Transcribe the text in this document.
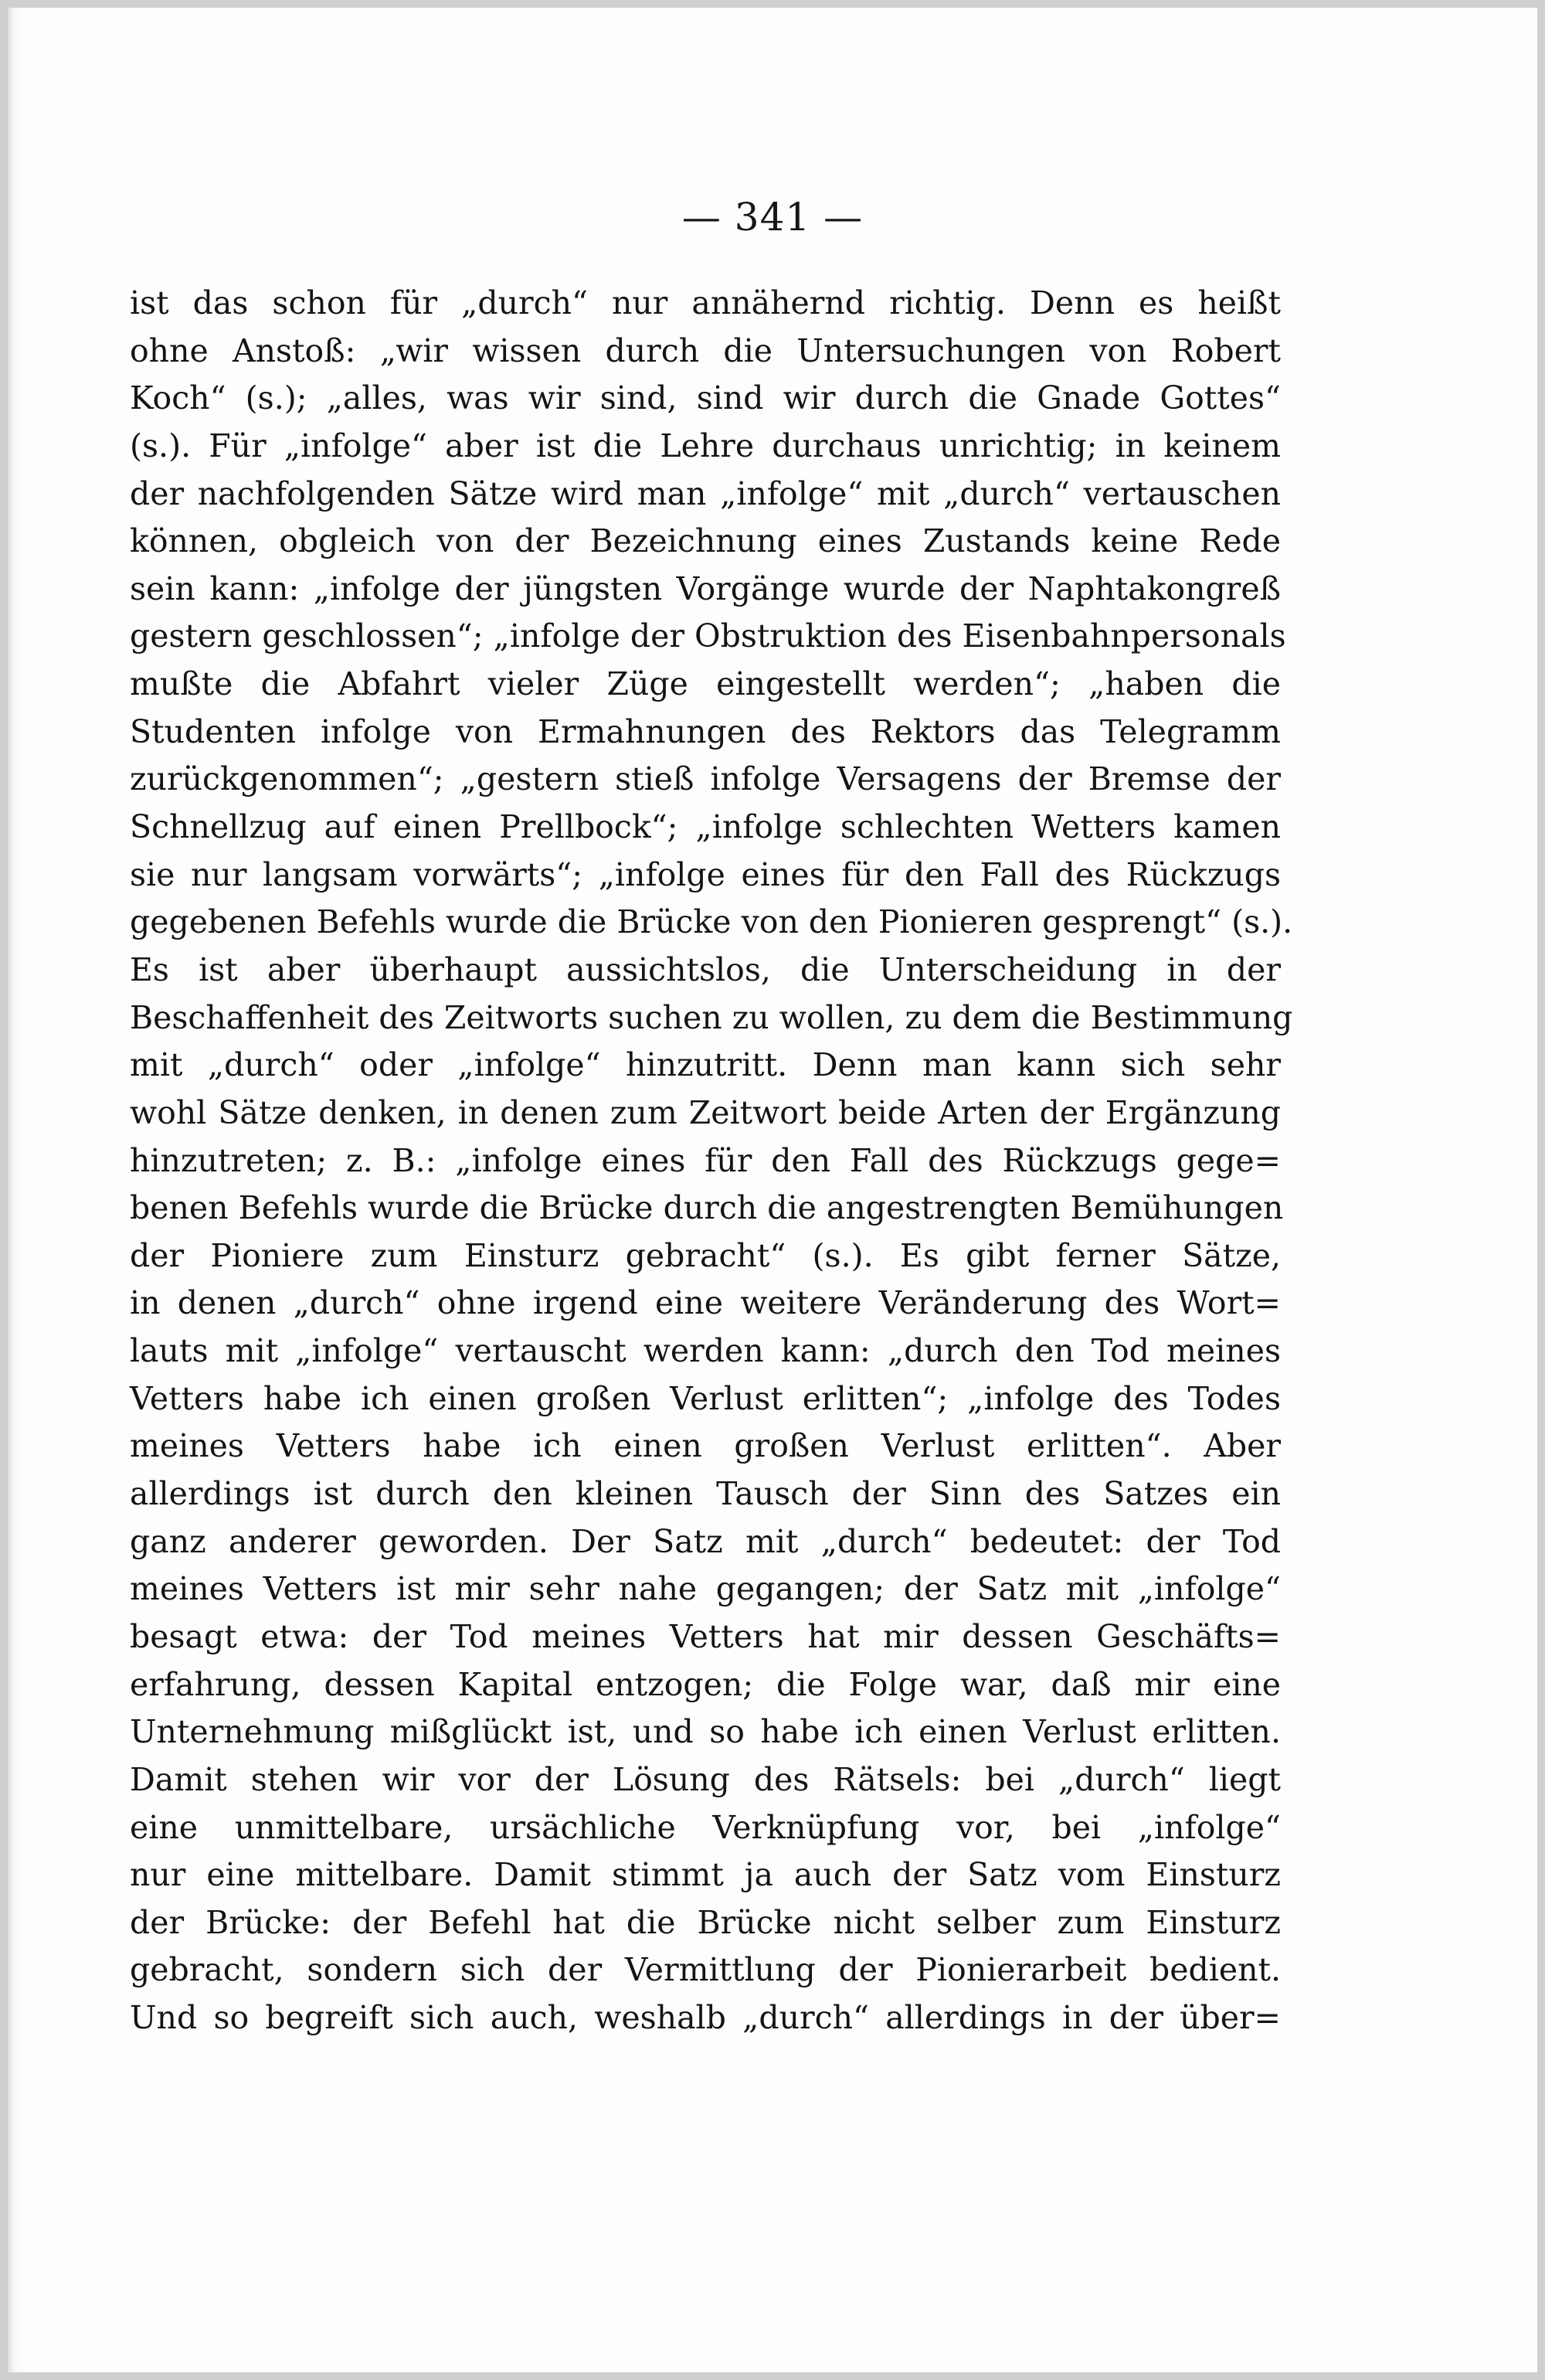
— 341 —
ist das schon für „durch“ nur annähernd richtig. Denn es heißt
ohne Anstoß: „wir wissen durch die Untersuchungen von Robert
Koch“ (s.); „alles, was wir sind, sind wir durch die Gnade Gottes“
(s.). Für „infolge“ aber ist die Lehre durchaus unrichtig; in keinem
der nachfolgenden Sätze wird man „infolge“ mit „durch“ vertauschen
können, obgleich von der Bezeichnung eines Zustands keine Rede
sein kann: „infolge der jüngsten Vorgänge wurde der Naphtakongreß
gestern geschlossen“; „infolge der Obstruktion des Eisenbahnpersonals
mußte die Abfahrt vieler Züge eingestellt werden“; „haben die
Studenten infolge von Ermahnungen des Rektors das Telegramm
zurückgenommen“; „gestern stieß infolge Versagens der Bremse der
Schnellzug auf einen Prellbock“; „infolge schlechten Wetters kamen
sie nur langsam vorwärts“; „infolge eines für den Fall des Rückzugs
gegebenen Befehls wurde die Brücke von den Pionieren gesprengt“ (s.).
Es ist aber überhaupt aussichtslos, die Unterscheidung in der
Beschaffenheit des Zeitworts suchen zu wollen, zu dem die Bestimmung
mit „durch“ oder „infolge“ hinzutritt. Denn man kann sich sehr
wohl Sätze denken, in denen zum Zeitwort beide Arten der Ergänzung
hinzutreten; z. B.: „infolge eines für den Fall des Rückzugs gege=
benen Befehls wurde die Brücke durch die angestrengten Bemühungen
der Pioniere zum Einsturz gebracht“ (s.). Es gibt ferner Sätze,
in denen „durch“ ohne irgend eine weitere Veränderung des Wort=
lauts mit „infolge“ vertauscht werden kann: „durch den Tod meines
Vetters habe ich einen großen Verlust erlitten“; „infolge des Todes
meines Vetters habe ich einen großen Verlust erlitten“. Aber
allerdings ist durch den kleinen Tausch der Sinn des Satzes ein
ganz anderer geworden. Der Satz mit „durch“ bedeutet: der Tod
meines Vetters ist mir sehr nahe gegangen; der Satz mit „infolge“
besagt etwa: der Tod meines Vetters hat mir dessen Geschäfts=
erfahrung, dessen Kapital entzogen; die Folge war, daß mir eine
Unternehmung mißglückt ist, und so habe ich einen Verlust erlitten.
Damit stehen wir vor der Lösung des Rätsels: bei „durch“ liegt
eine unmittelbare, ursächliche Verknüpfung vor, bei „infolge“
nur eine mittelbare. Damit stimmt ja auch der Satz vom Einsturz
der Brücke: der Befehl hat die Brücke nicht selber zum Einsturz
gebracht, sondern sich der Vermittlung der Pionierarbeit bedient.
Und so begreift sich auch, weshalb „durch“ allerdings in der über=
